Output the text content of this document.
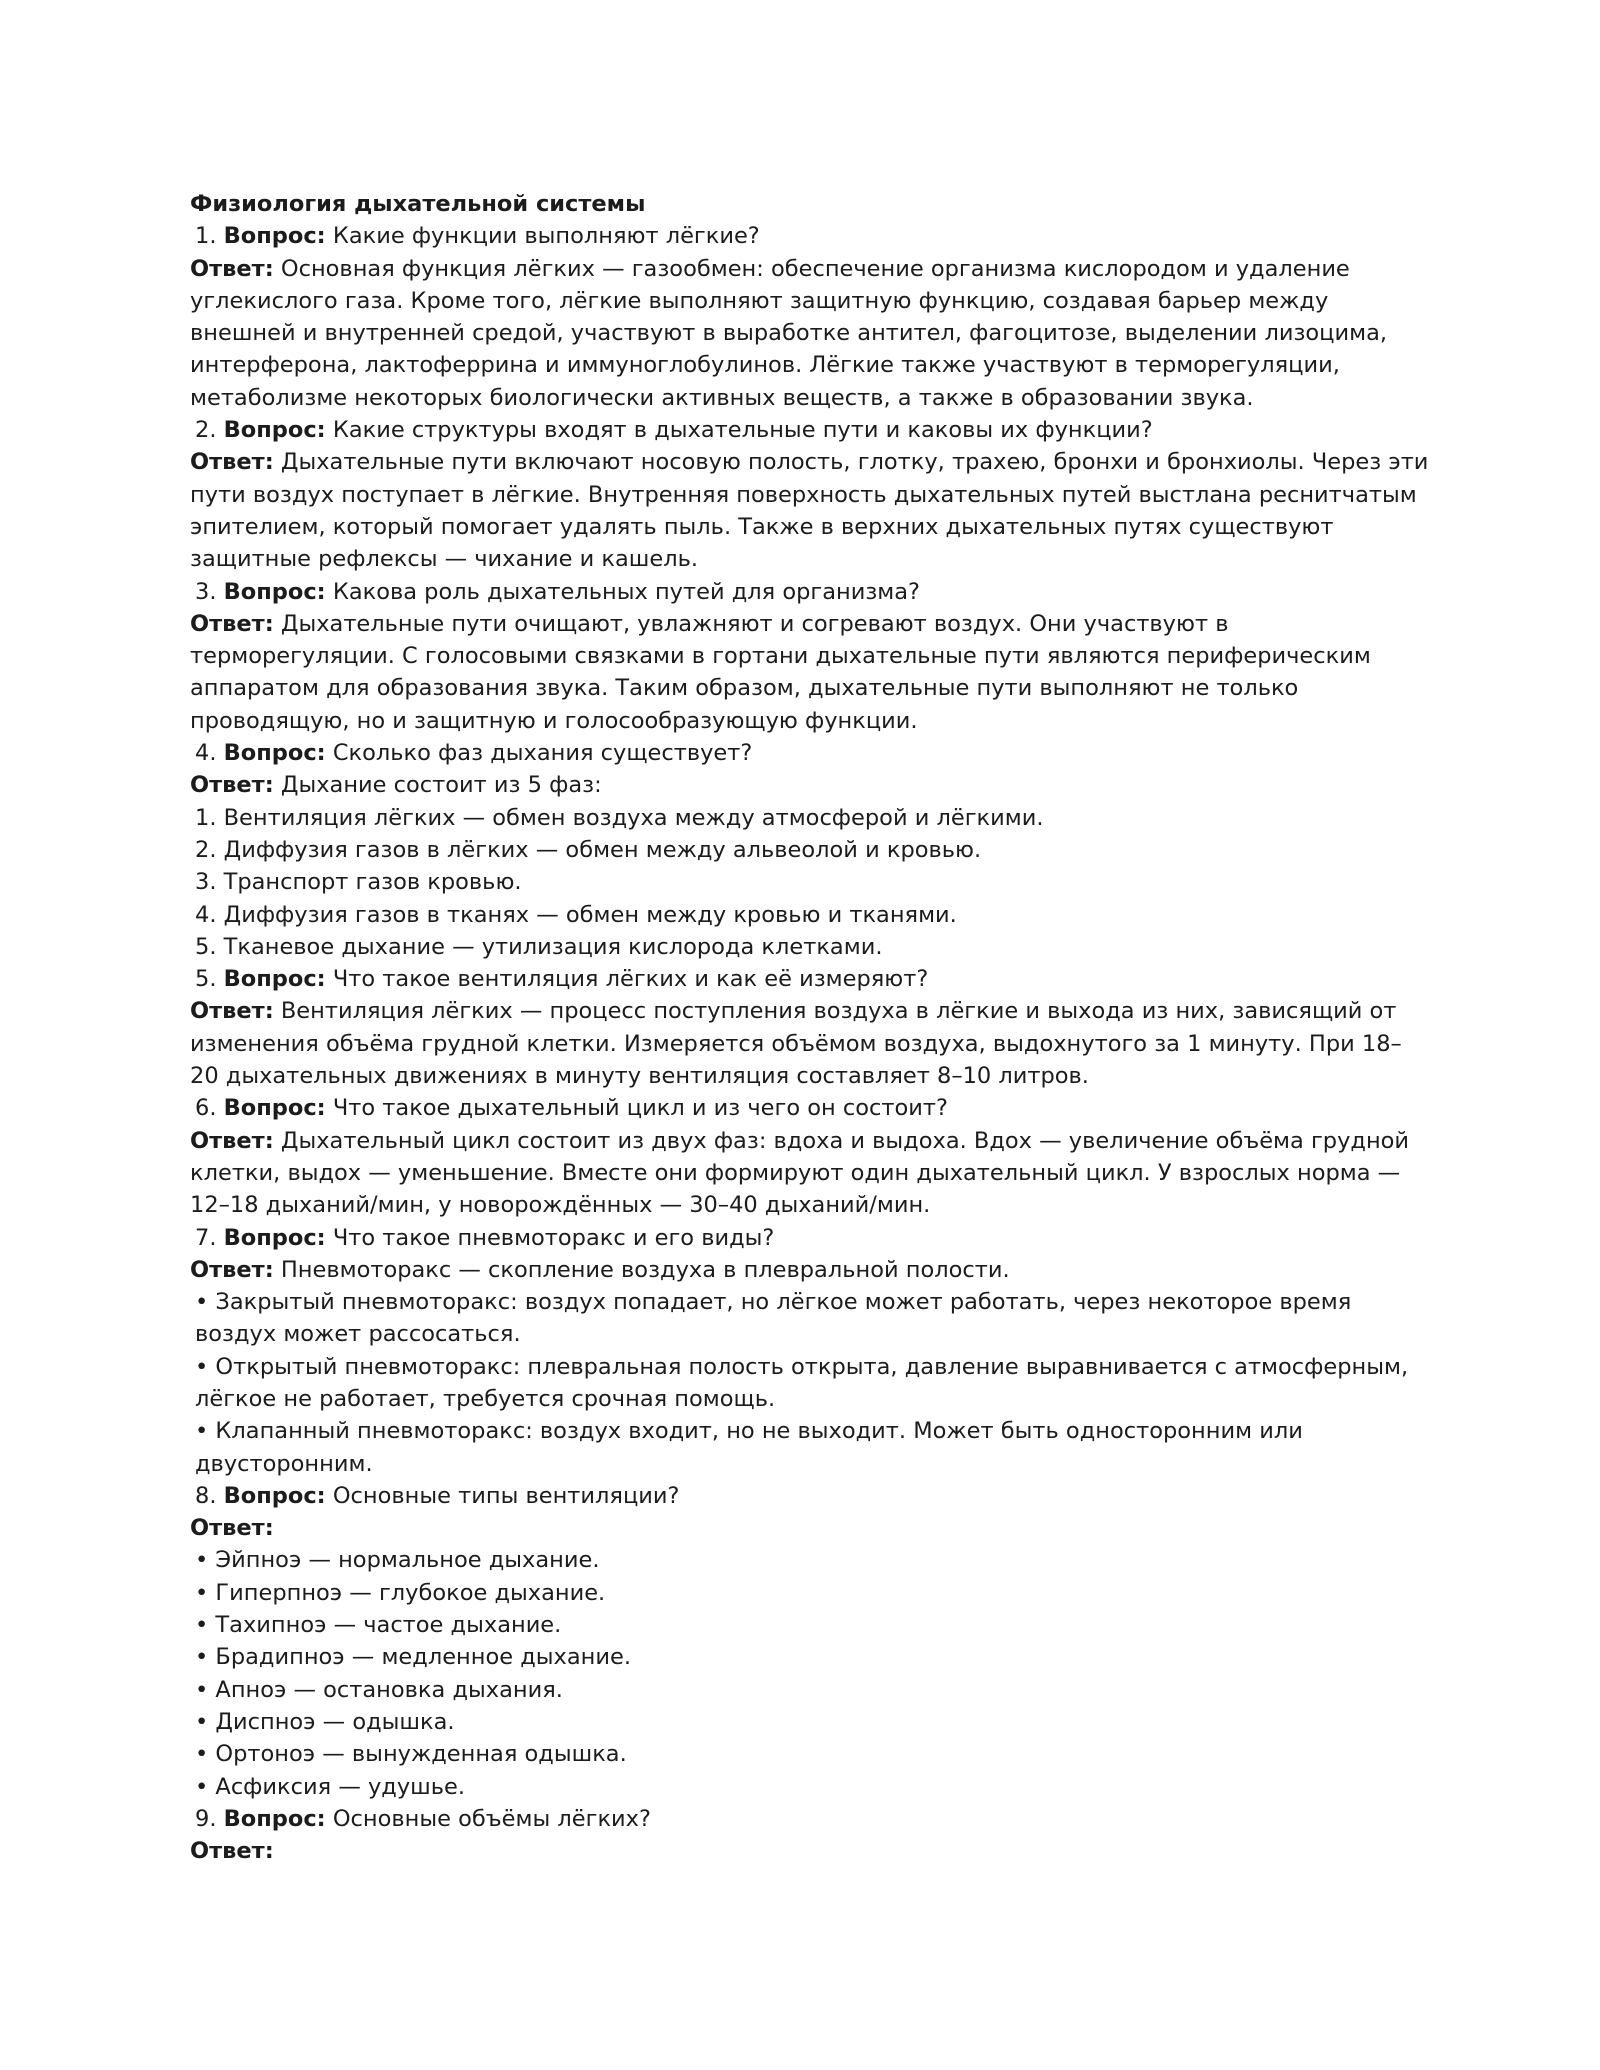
Физиология дыхательной системы
1. Вопрос: Какие функции выполняют лёгкие?
Ответ: Основная функция лёгких — газообмен: обеспечение организма кислородом и удаление углекислого газа. Кроме того, лёгкие выполняют защитную функцию, создавая барьер между внешней и внутренней средой, участвуют в выработке антител, фагоцитозе, выделении лизоцима, интерферона, лактоферрина и иммуноглобулинов. Лёгкие также участвуют в терморегуляции, метаболизме некоторых биологически активных веществ, а также в образовании звука.
2. Вопрос: Какие структуры входят в дыхательные пути и каковы их функции?
Ответ: Дыхательные пути включают носовую полость, глотку, трахею, бронхи и бронхиолы. Через эти пути воздух поступает в лёгкие. Внутренняя поверхность дыхательных путей выстлана реснитчатым эпителием, который помогает удалять пыль. Также в верхних дыхательных путях существуют защитные рефлексы — чихание и кашель.
3. Вопрос: Какова роль дыхательных путей для организма?
Ответ: Дыхательные пути очищают, увлажняют и согревают воздух. Они участвуют в терморегуляции. С голосовыми связками в гортани дыхательные пути являются периферическим аппаратом для образования звука. Таким образом, дыхательные пути выполняют не только проводящую, но и защитную и голосообразующую функции.
4. Вопрос: Сколько фаз дыхания существует?
Ответ: Дыхание состоит из 5 фаз:
1. Вентиляция лёгких — обмен воздуха между атмосферой и лёгкими.
2. Диффузия газов в лёгких — обмен между альвеолой и кровью.
3. Транспорт газов кровью.
4. Диффузия газов в тканях — обмен между кровью и тканями.
5. Тканевое дыхание — утилизация кислорода клетками.
5. Вопрос: Что такое вентиляция лёгких и как её измеряют?
Ответ: Вентиляция лёгких — процесс поступления воздуха в лёгкие и выхода из них, зависящий от изменения объёма грудной клетки. Измеряется объёмом воздуха, выдохнутого за 1 минуту. При 18–20 дыхательных движениях в минуту вентиляция составляет 8–10 литров.
6. Вопрос: Что такое дыхательный цикл и из чего он состоит?
Ответ: Дыхательный цикл состоит из двух фаз: вдоха и выдоха. Вдох — увеличение объёма грудной клетки, выдох — уменьшение. Вместе они формируют один дыхательный цикл. У взрослых норма — 12–18 дыханий/мин, у новорождённых — 30–40 дыханий/мин.
7. Вопрос: Что такое пневмоторакс и его виды?
Ответ: Пневмоторакс — скопление воздуха в плевральной полости.
• Закрытый пневмоторакс: воздух попадает, но лёгкое может работать, через некоторое время воздух может рассосаться.
• Открытый пневмоторакс: плевральная полость открыта, давление выравнивается с атмосферным, лёгкое не работает, требуется срочная помощь.
• Клапанный пневмоторакс: воздух входит, но не выходит. Может быть односторонним или двусторонним.
8. Вопрос: Основные типы вентиляции?
Ответ:
• Эйпноэ — нормальное дыхание.
• Гиперпноэ — глубокое дыхание.
• Тахипноэ — частое дыхание.
• Брадипноэ — медленное дыхание.
• Апноэ — остановка дыхания.
• Диспноэ — одышка.
• Ортонoэ — вынужденная одышка.
• Асфиксия — удушье.
9. Вопрос: Основные объёмы лёгких?
Ответ:
